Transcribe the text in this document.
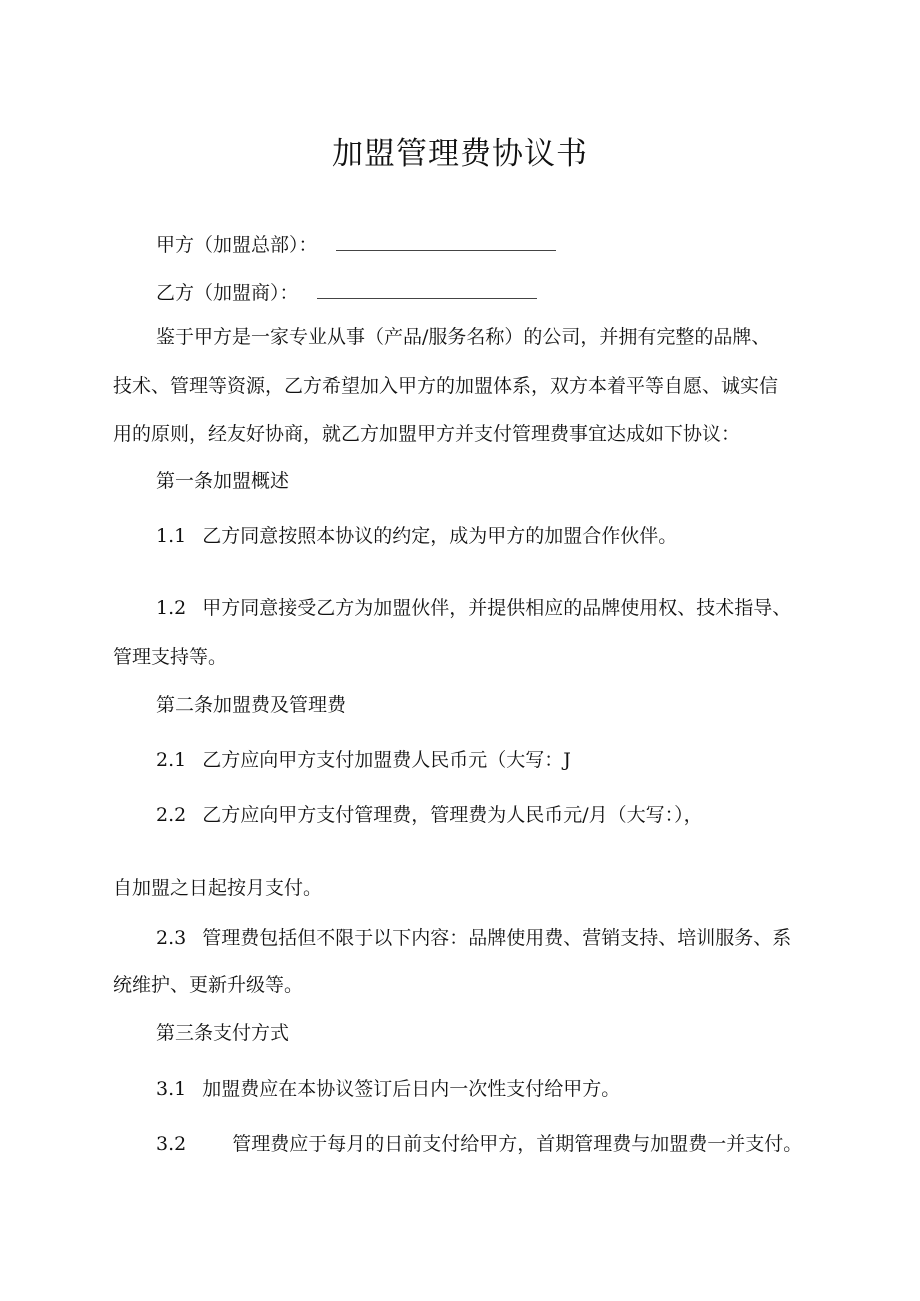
加盟管理费协议书
甲方（加盟总部）：
乙方（加盟商）：
鉴于甲方是一家专业从事（产品/服务名称）的公司，并拥有完整的品牌、
技术、管理等资源，乙方希望加入甲方的加盟体系，双方本着平等自愿、诚实信
用的原则，经友好协商，就乙方加盟甲方并支付管理费事宜达成如下协议：
第一条加盟概述
1.1 乙方同意按照本协议的约定，成为甲方的加盟合作伙伴。
1.2 甲方同意接受乙方为加盟伙伴，并提供相应的品牌使用权、技术指导、
管理支持等。
第二条加盟费及管理费
2.1 乙方应向甲方支付加盟费人民币元（大写：J
2.2 乙方应向甲方支付管理费，管理费为人民币元/月（大写：），
自加盟之日起按月支付。
2.3 管理费包括但不限于以下内容：品牌使用费、营销支持、培训服务、系
统维护、更新升级等。
第三条支付方式
3.1 加盟费应在本协议签订后日内一次性支付给甲方。
3.2 管理费应于每月的日前支付给甲方，首期管理费与加盟费一并支付。
